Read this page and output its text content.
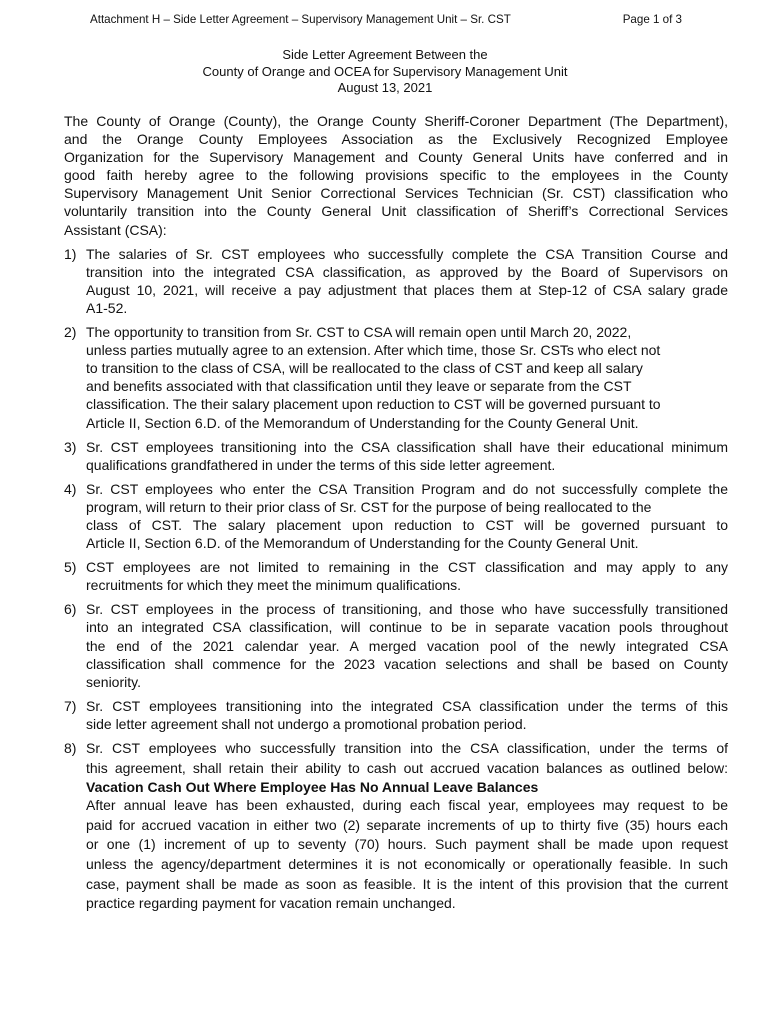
Attachment H – Side Letter Agreement – Supervisory Management Unit – Sr. CST	Page 1 of 3
Side Letter Agreement Between the
County of Orange and OCEA for Supervisory Management Unit
August 13, 2021
The County of Orange (County), the Orange County Sheriff-Coroner Department (The Department),
and the Orange County Employees Association as the Exclusively Recognized Employee
Organization for the Supervisory Management and County General Units have conferred and in
good faith hereby agree to the following provisions specific to the employees in the County
Supervisory Management Unit Senior Correctional Services Technician (Sr. CST) classification who
voluntarily transition into the County General Unit classification of Sheriff’s Correctional Services
Assistant (CSA):
1) The salaries of Sr. CST employees who successfully complete the CSA Transition Course and
transition into the integrated CSA classification, as approved by the Board of Supervisors on
August 10, 2021, will receive a pay adjustment that places them at Step-12 of CSA salary grade
A1-52.
2) The opportunity to transition from Sr. CST to CSA will remain open until March 20, 2022,
unless parties mutually agree to an extension. After which time, those Sr. CSTs who elect not
to transition to the class of CSA, will be reallocated to the class of CST and keep all salary
and benefits associated with that classification until they leave or separate from the CST
classification. The their salary placement upon reduction to CST will be governed pursuant to
Article II, Section 6.D. of the Memorandum of Understanding for the County General Unit.
3) Sr. CST employees transitioning into the CSA classification shall have their educational minimum
qualifications grandfathered in under the terms of this side letter agreement.
4) Sr. CST employees who enter the CSA Transition Program and do not successfully complete the
program, will return to their prior class of Sr. CST for the purpose of being reallocated to the
class of CST. The salary placement upon reduction to CST will be governed pursuant to
Article II, Section 6.D. of the Memorandum of Understanding for the County General Unit.
5) CST employees are not limited to remaining in the CST classification and may apply to any
recruitments for which they meet the minimum qualifications.
6) Sr. CST employees in the process of transitioning, and those who have successfully transitioned
into an integrated CSA classification, will continue to be in separate vacation pools throughout
the end of the 2021 calendar year. A merged vacation pool of the newly integrated CSA
classification shall commence for the 2023 vacation selections and shall be based on County
seniority.
7) Sr. CST employees transitioning into the integrated CSA classification under the terms of this
side letter agreement shall not undergo a promotional probation period.
8) Sr. CST employees who successfully transition into the CSA classification, under the terms of
this agreement, shall retain their ability to cash out accrued vacation balances as outlined below:
Vacation Cash Out Where Employee Has No Annual Leave Balances
After annual leave has been exhausted, during each fiscal year, employees may request to be
paid for accrued vacation in either two (2) separate increments of up to thirty five (35) hours each
or one (1) increment of up to seventy (70) hours. Such payment shall be made upon request
unless the agency/department determines it is not economically or operationally feasible. In such
case, payment shall be made as soon as feasible. It is the intent of this provision that the current
practice regarding payment for vacation remain unchanged.
